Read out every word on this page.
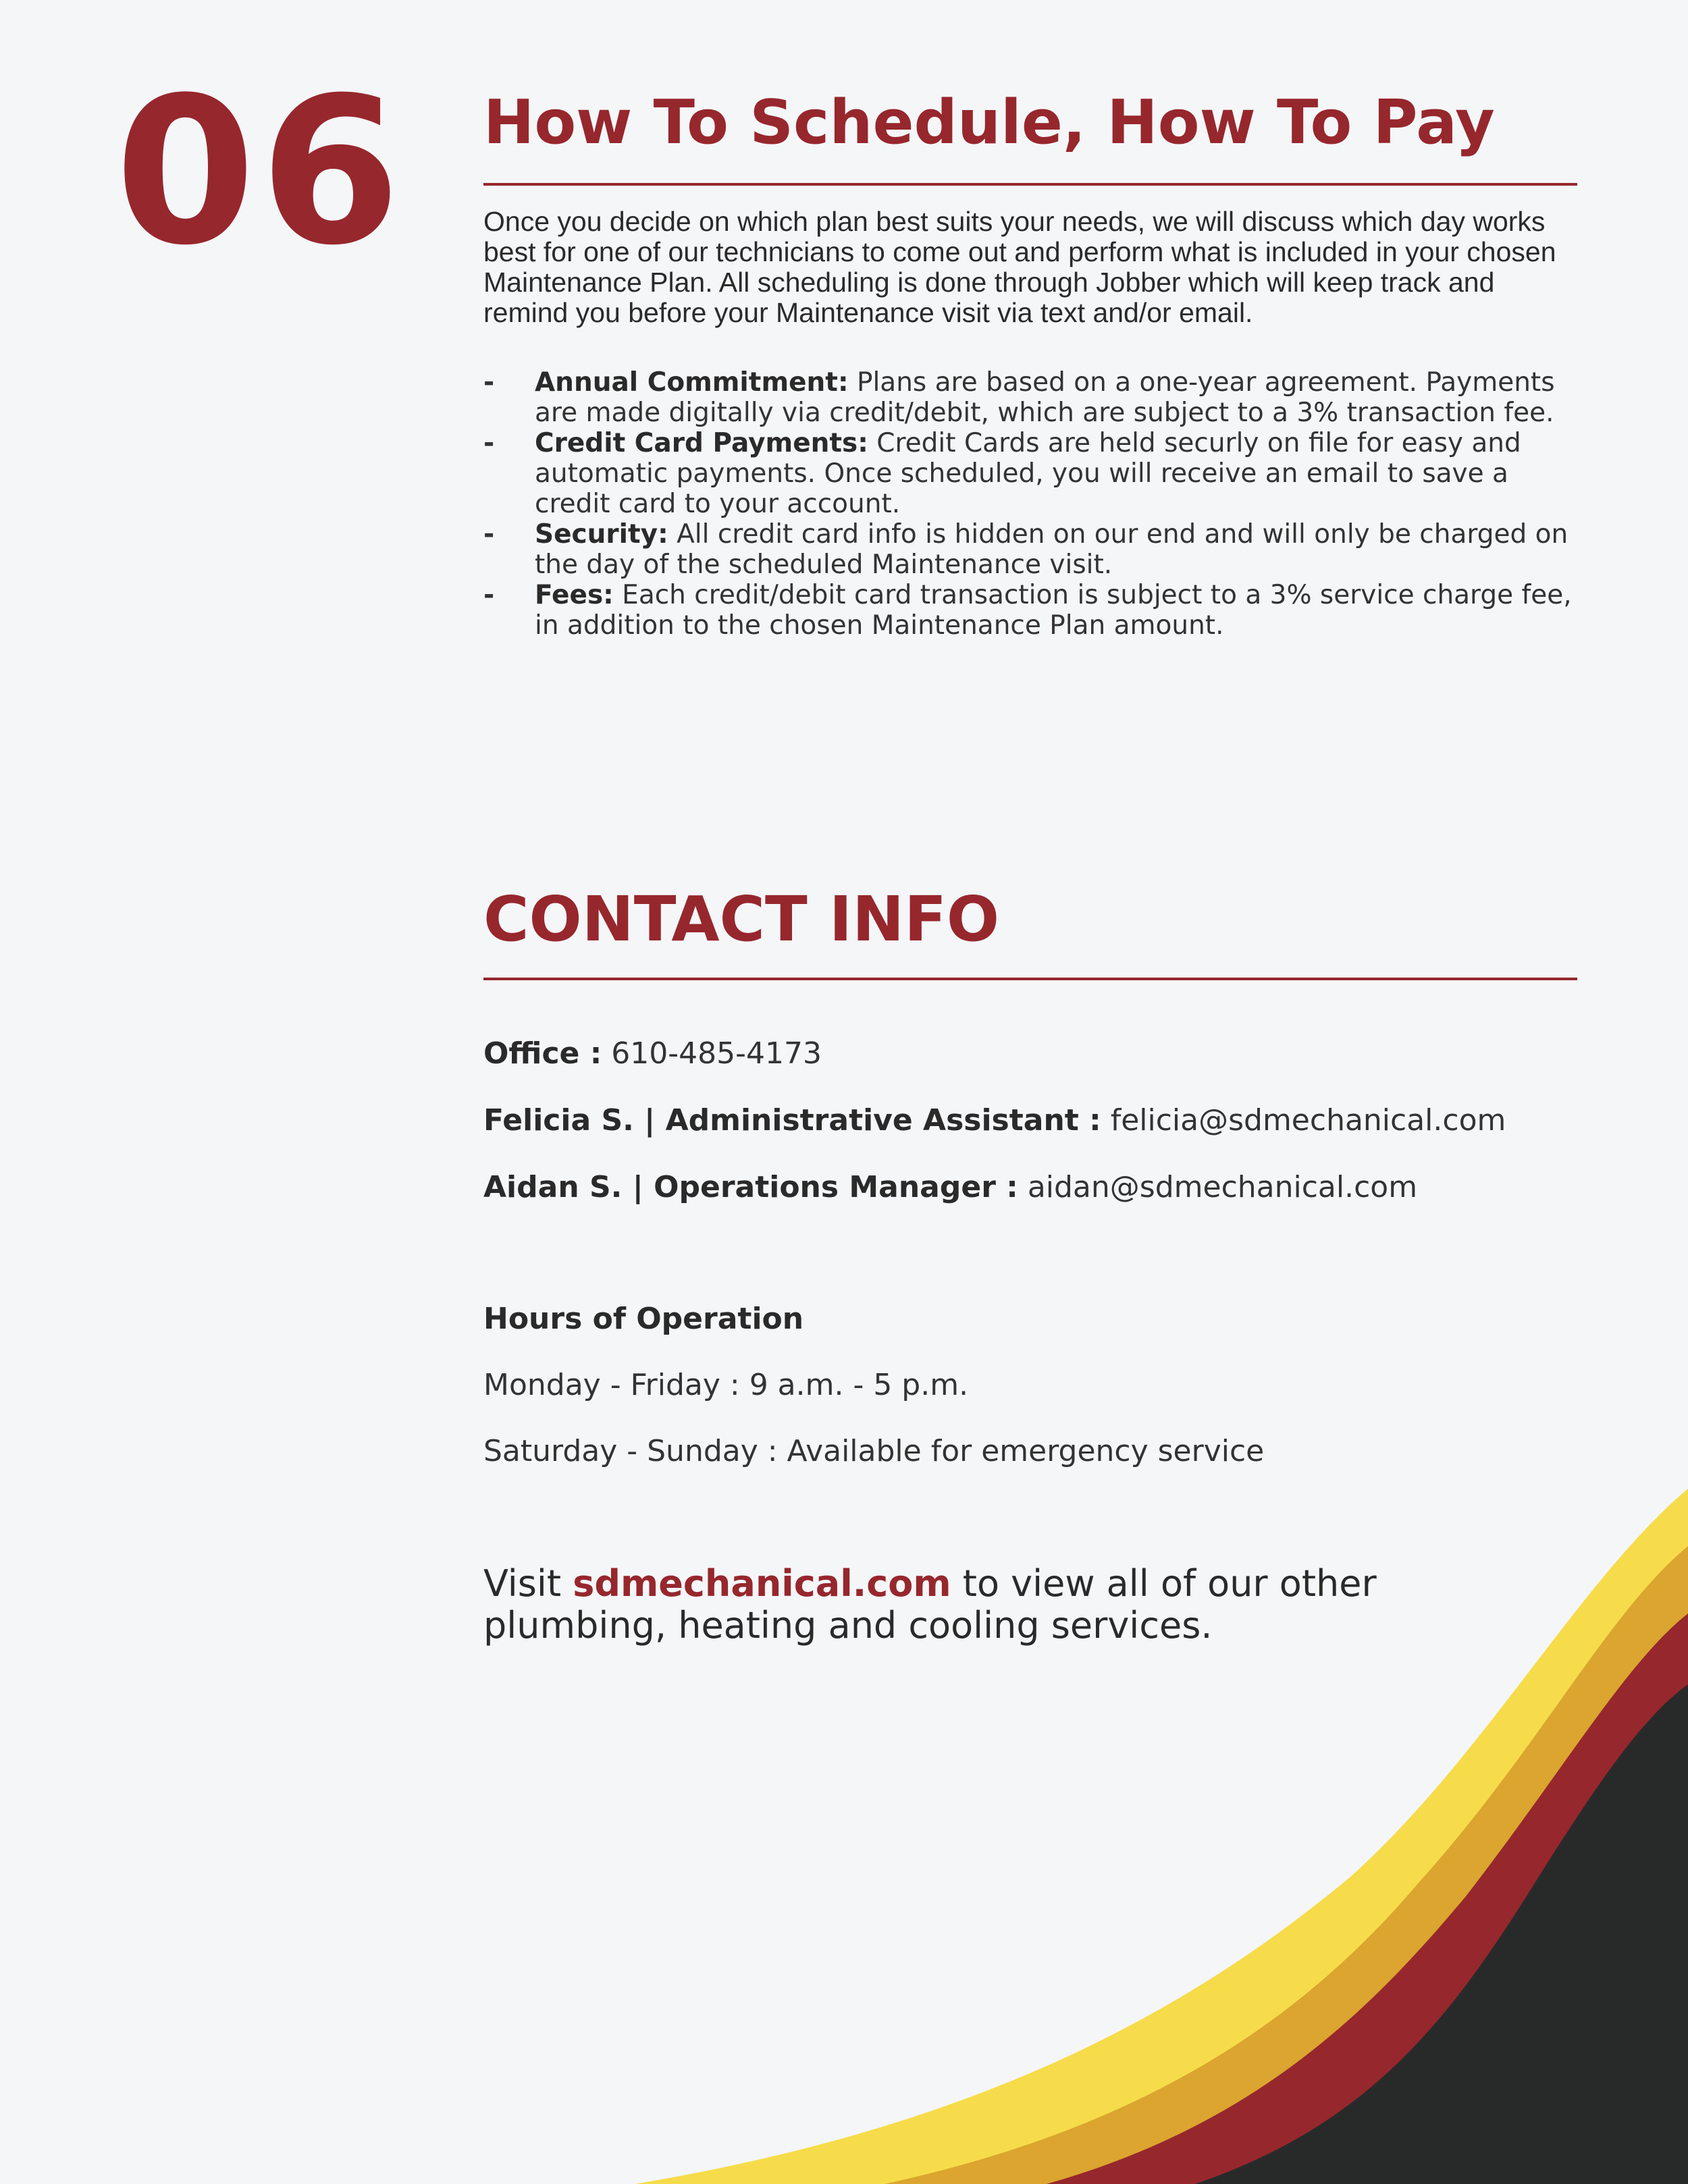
06 How To Schedule, How To Pay

Once you decide on which plan best suits your needs, we will discuss which day works best for one of our technicians to come out and perform what is included in your chosen Maintenance Plan. All scheduling is done through Jobber which will keep track and remind you before your Maintenance visit via text and/or email.

- Annual Commitment: Plans are based on a one-year agreement. Payments are made digitally via credit/debit, which are subject to a 3% transaction fee.
- Credit Card Payments: Credit Cards are held securly on file for easy and automatic payments. Once scheduled, you will receive an email to save a credit card to your account.
- Security: All credit card info is hidden on our end and will only be charged on the day of the scheduled Maintenance visit.
- Fees: Each credit/debit card transaction is subject to a 3% service charge fee, in addition to the chosen Maintenance Plan amount.
CONTACT INFO
Office : 610-485-4173
Felicia S. | Administrative Assistant : felicia@sdmechanical.com
Aidan S. | Operations Manager : aidan@sdmechanical.com
Hours of Operation
Monday - Friday : 9 a.m. - 5 p.m.
Saturday - Sunday : Available for emergency service
Visit sdmechanical.com to view all of our other plumbing, heating and cooling services.
